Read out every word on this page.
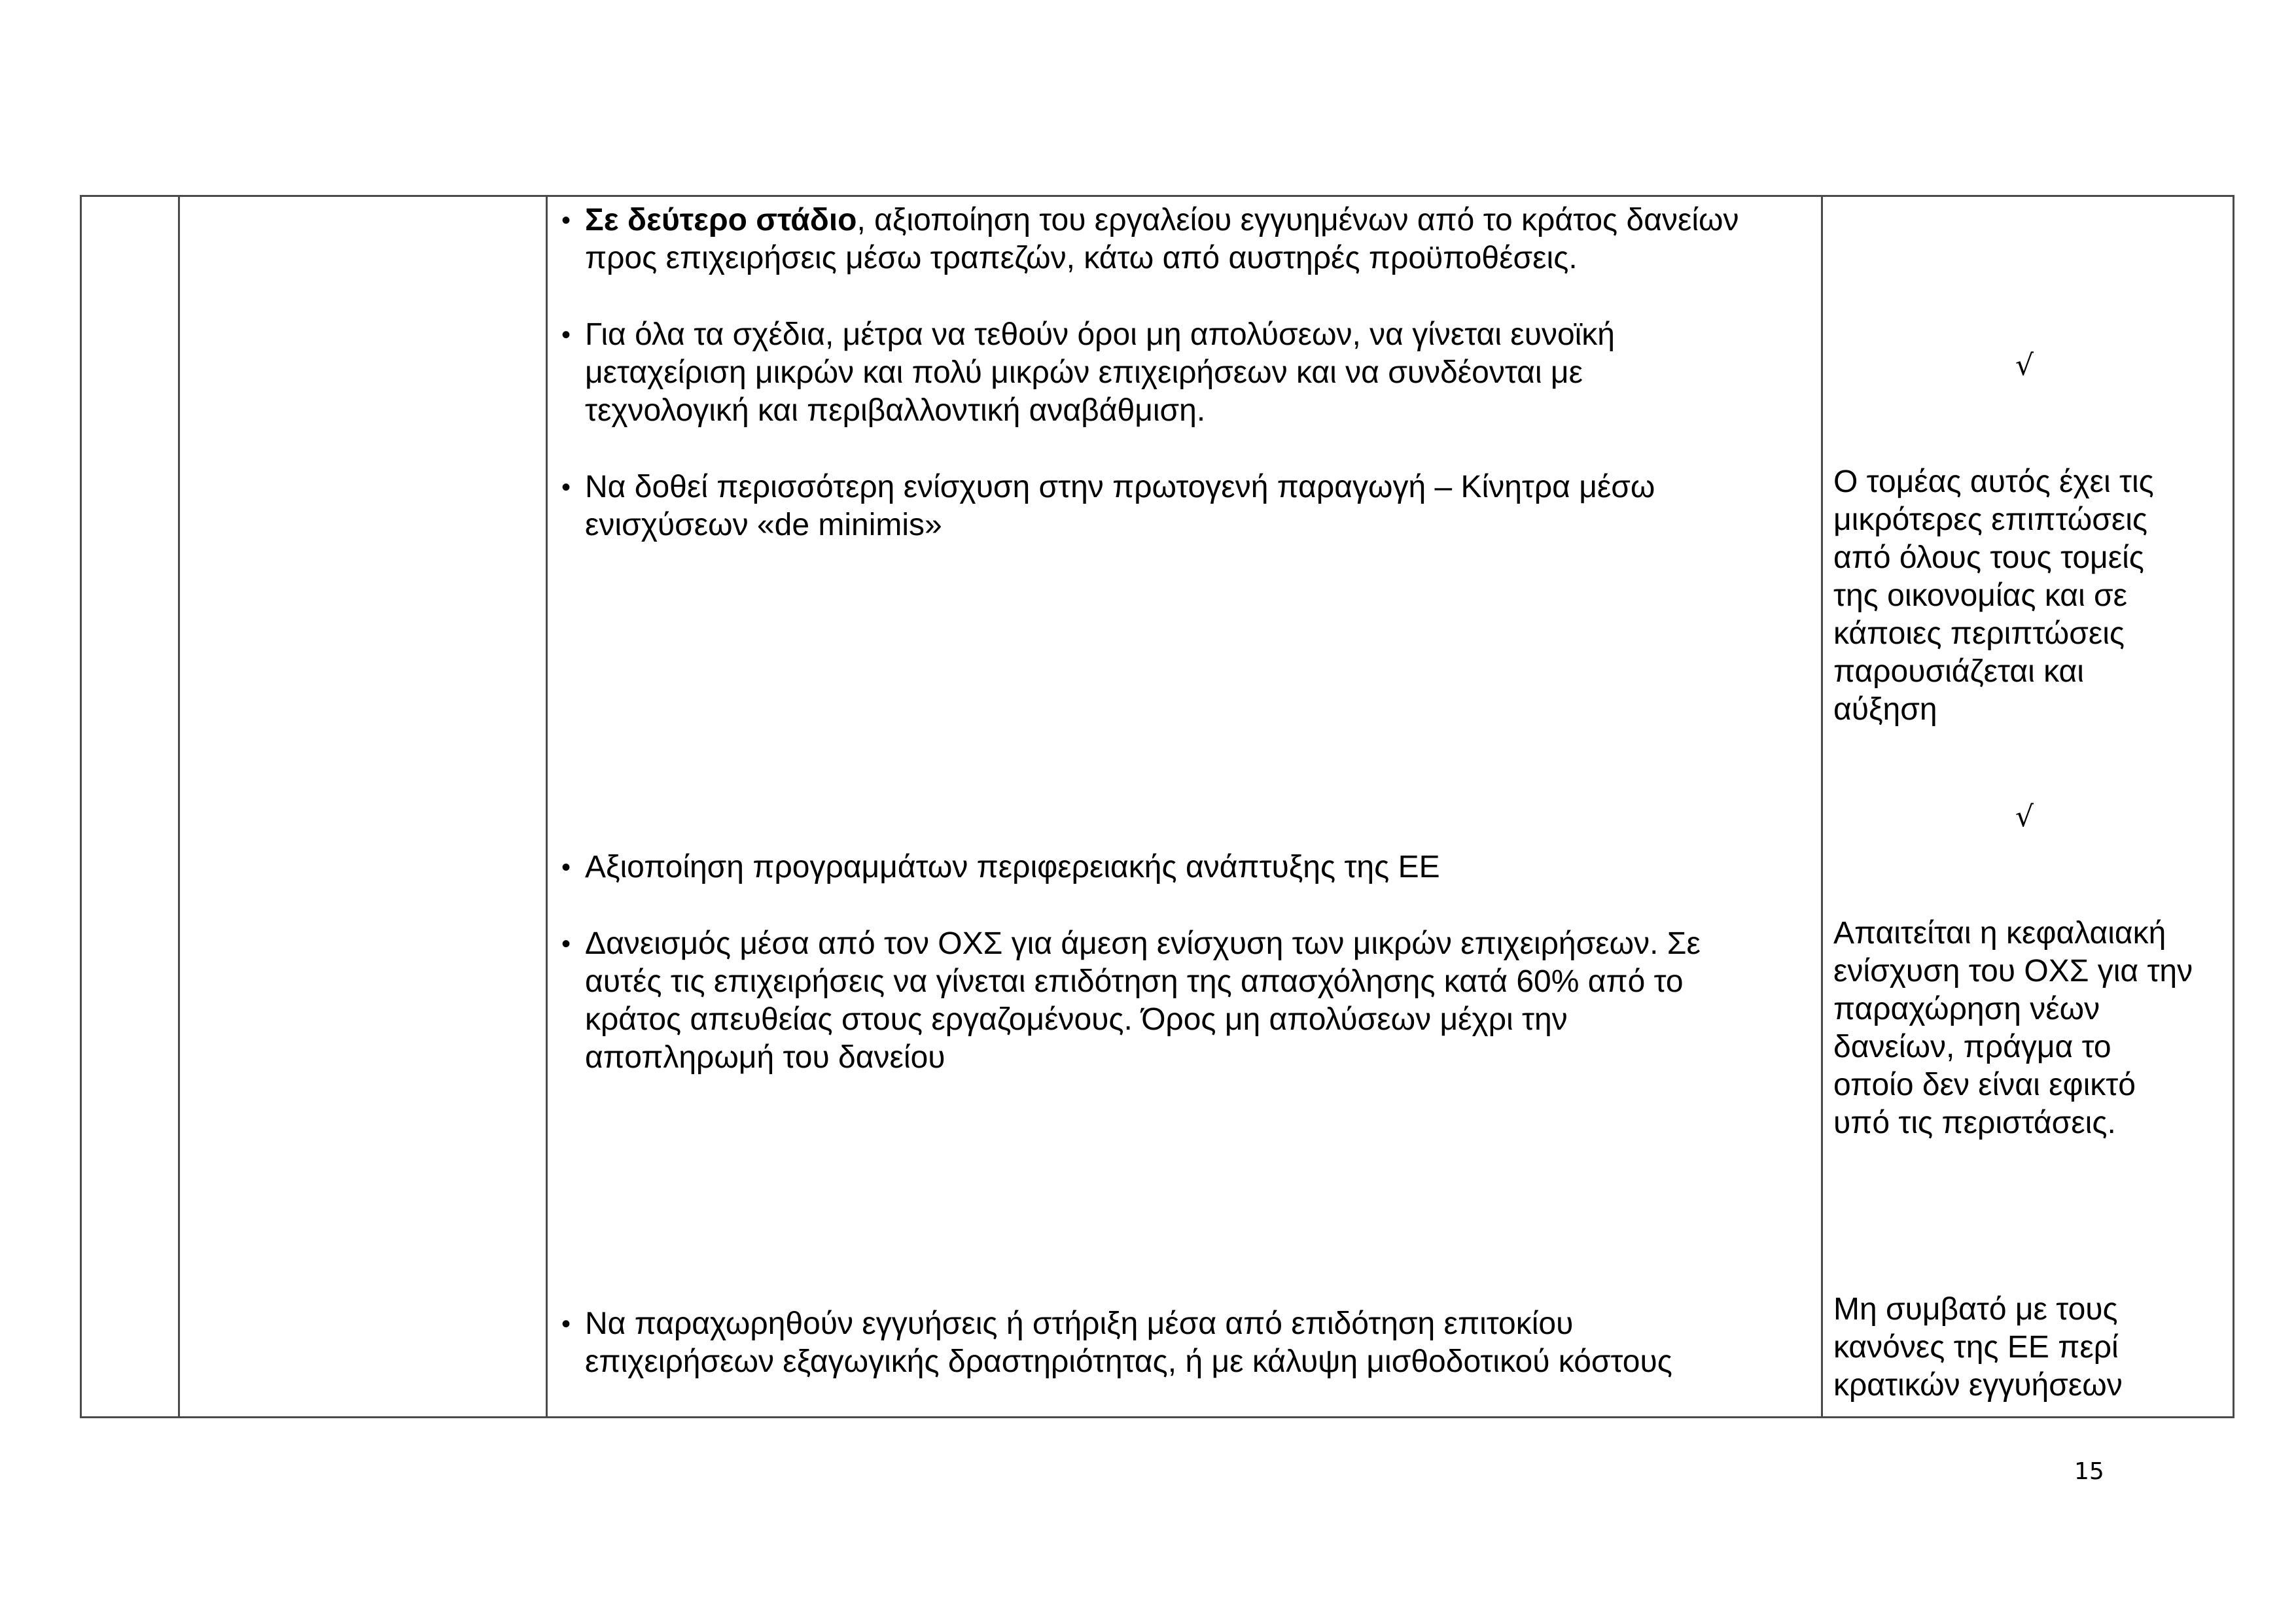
• Σε δεύτερο στάδιο, αξιοποίηση του εργαλείου εγγυημένων από το κράτος δανείων
προς επιχειρήσεις μέσω τραπεζών, κάτω από αυστηρές προϋποθέσεις.
• Για όλα τα σχέδια, μέτρα να τεθούν όροι μη απολύσεων, να γίνεται ευνοϊκή
μεταχείριση μικρών και πολύ μικρών επιχειρήσεων και να συνδέονται με
τεχνολογική και περιβαλλοντική αναβάθμιση.
• Να δοθεί περισσότερη ενίσχυση στην πρωτογενή παραγωγή – Κίνητρα μέσω
ενισχύσεων «de minimis»
• Αξιοποίηση προγραμμάτων περιφερειακής ανάπτυξης της ΕΕ
• Δανεισμός μέσα από τον ΟΧΣ για άμεση ενίσχυση των μικρών επιχειρήσεων. Σε
αυτές τις επιχειρήσεις να γίνεται επιδότηση της απασχόλησης κατά 60% από το
κράτος απευθείας στους εργαζομένους. Όρος μη απολύσεων μέχρι την
αποπληρωμή του δανείου
• Να παραχωρηθούν εγγυήσεις ή στήριξη μέσα από επιδότηση επιτοκίου
επιχειρήσεων εξαγωγικής δραστηριότητας, ή με κάλυψη μισθοδοτικού κόστους
√
√
Ο τομέας αυτός έχει τις
μικρότερες επιπτώσεις
από όλους τους τομείς
της οικονομίας και σε
κάποιες περιπτώσεις
παρουσιάζεται και
αύξηση
Απαιτείται η κεφαλαιακή
ενίσχυση του ΟΧΣ για την
παραχώρηση νέων
δανείων, πράγμα το
οποίο δεν είναι εφικτό
υπό τις περιστάσεις.
Μη συμβατό με τους
κανόνες της ΕΕ περί
κρατικών εγγυήσεων
15
